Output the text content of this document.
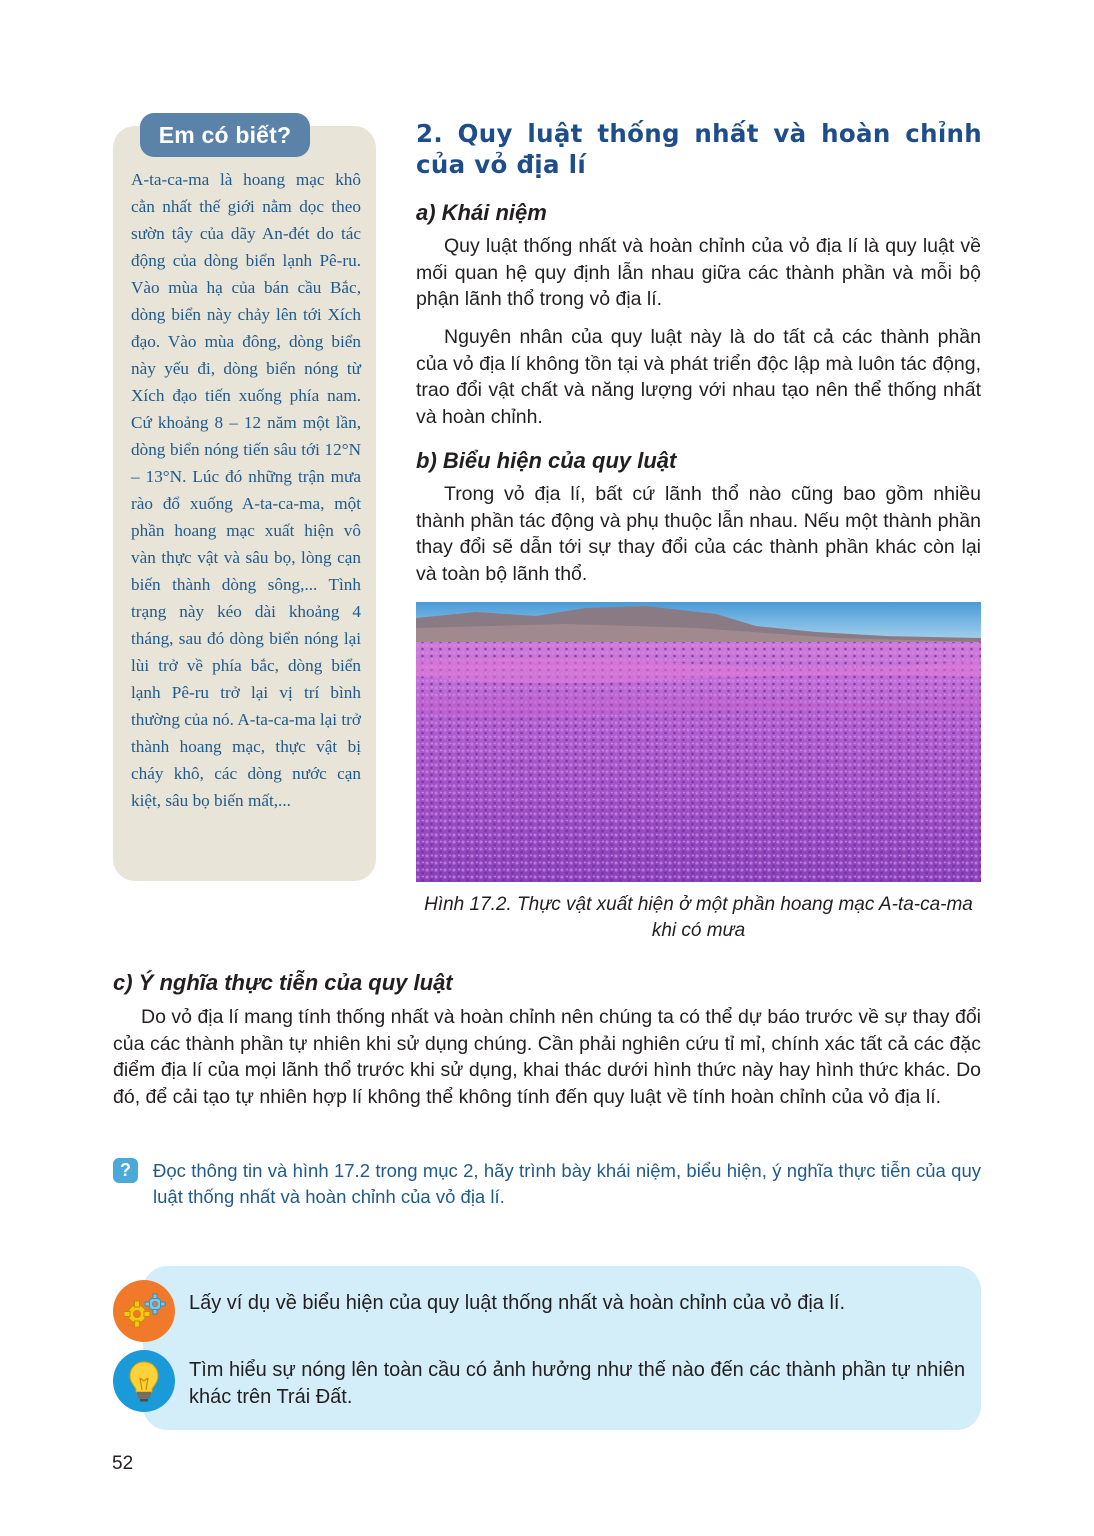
Em có biết?
A-ta-ca-ma là hoang mạc khô cằn nhất thế giới nằm dọc theo sườn tây của dãy An-đét do tác động của dòng biển lạnh Pê-ru. Vào mùa hạ của bán cầu Bắc, dòng biển này chảy lên tới Xích đạo. Vào mùa đông, dòng biển này yếu đi, dòng biển nóng từ Xích đạo tiến xuống phía nam. Cứ khoảng 8 – 12 năm một lần, dòng biển nóng tiến sâu tới 12°N – 13°N. Lúc đó những trận mưa rào đổ xuống A-ta-ca-ma, một phần hoang mạc xuất hiện vô vàn thực vật và sâu bọ, lòng cạn biến thành dòng sông,... Tình trạng này kéo dài khoảng 4 tháng, sau đó dòng biển nóng lại lùi trở về phía bắc, dòng biển lạnh Pê-ru trở lại vị trí bình thường của nó. A-ta-ca-ma lại trở thành hoang mạc, thực vật bị cháy khô, các dòng nước cạn kiệt, sâu bọ biến mất,...
2. Quy luật thống nhất và hoàn chỉnh của vỏ địa lí
a) Khái niệm
Quy luật thống nhất và hoàn chỉnh của vỏ địa lí là quy luật về mối quan hệ quy định lẫn nhau giữa các thành phần và mỗi bộ phận lãnh thổ trong vỏ địa lí.
Nguyên nhân của quy luật này là do tất cả các thành phần của vỏ địa lí không tồn tại và phát triển độc lập mà luôn tác động, trao đổi vật chất và năng lượng với nhau tạo nên thể thống nhất và hoàn chỉnh.
b) Biểu hiện của quy luật
Trong vỏ địa lí, bất cứ lãnh thổ nào cũng bao gồm nhiều thành phần tác động và phụ thuộc lẫn nhau. Nếu một thành phần thay đổi sẽ dẫn tới sự thay đổi của các thành phần khác còn lại và toàn bộ lãnh thổ.
Hình 17.2. Thực vật xuất hiện ở một phần hoang mạc A-ta-ca-ma khi có mưa
c) Ý nghĩa thực tiễn của quy luật
Do vỏ địa lí mang tính thống nhất và hoàn chỉnh nên chúng ta có thể dự báo trước về sự thay đổi của các thành phần tự nhiên khi sử dụng chúng. Cần phải nghiên cứu tỉ mỉ, chính xác tất cả các đặc điểm địa lí của mọi lãnh thổ trước khi sử dụng, khai thác dưới hình thức này hay hình thức khác. Do đó, để cải tạo tự nhiên hợp lí không thể không tính đến quy luật về tính hoàn chỉnh của vỏ địa lí.
?	Đọc thông tin và hình 17.2 trong mục 2, hãy trình bày khái niệm, biểu hiện, ý nghĩa thực tiễn của quy luật thống nhất và hoàn chỉnh của vỏ địa lí.
Lấy ví dụ về biểu hiện của quy luật thống nhất và hoàn chỉnh của vỏ địa lí.
Tìm hiểu sự nóng lên toàn cầu có ảnh hưởng như thế nào đến các thành phần tự nhiên khác trên Trái Đất.
52
